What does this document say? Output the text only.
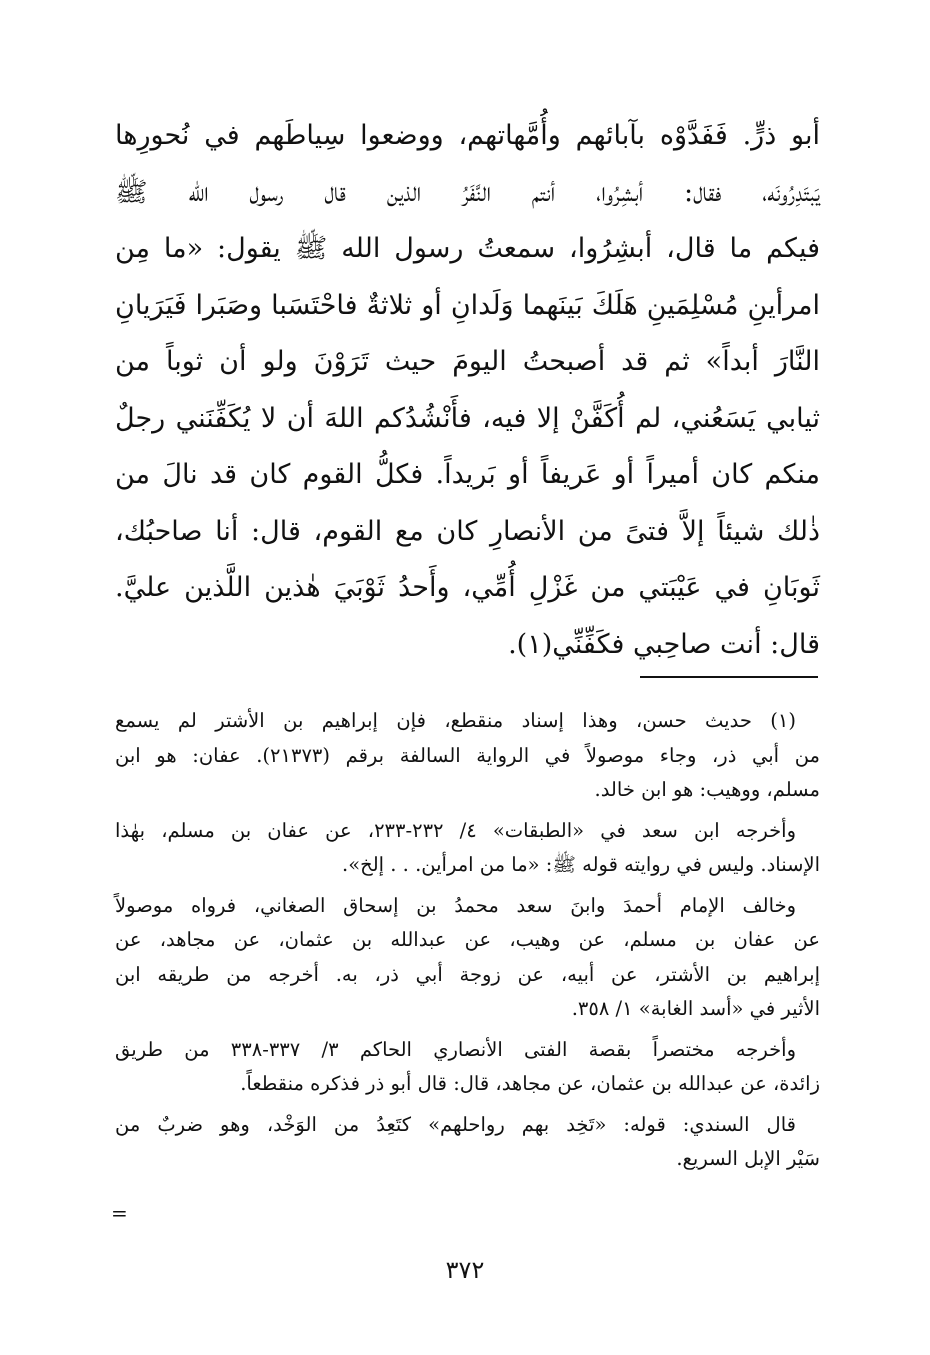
أبو ذرٍّ. فَفَدَّوْه بآبائهم وأُمَّهاتهم، ووضعوا سِياطَهم في نُحورِها
يَبتَدِرُونَه، فقال: أبشِرُوا، أنتم النَّفَرُ الذين قال رسول الله ﷺ
فيكم ما قال، أبشِرُوا، سمعتُ رسول الله ﷺ يقول: «ما مِن
امرأينِ مُسْلِمَينِ هَلَكَ بَينَهما وَلَدانِ أو ثلاثةٌ فاحْتَسَبا وصَبَرا فَيَرَيانِ
النَّارَ أبداً» ثم قد أصبحتُ اليومَ حيث تَرَوْنَ ولو أن ثوباً من
ثيابي يَسَعُني، لم أُكَفَّنْ إلا فيه، فأَنْشُدُكم اللهَ أن لا يُكَفِّنَني رجلٌ
منكم كان أميراً أو عَريفاً أو بَريداً. فكلُّ القوم كان قد نالَ من
ذٰلك شيئاً إلاَّ فتىً من الأنصارِ كان مع القوم، قال: أنا صاحبُك،
ثَوبَانِ في عَيْبَتي من غَزْلِ أُمِّي، وأَحدُ ثَوْبَيَ هٰذين اللَّذين عليَّ.
قال: أنت صاحِبي فكَفِّنِّي(١).
(١) حديث حسن، وهذا إسناد منقطع، فإن إبراهيم بن الأشتر لم يسمع
من أبي ذر، وجاء موصولاً في الرواية السالفة برقم (٢١٣٧٣). عفان: هو ابن
مسلم، ووهيب: هو ابن خالد.
وأخرجه ابن سعد في «الطبقات» ٤/ ٢٣٢-٢٣٣، عن عفان بن مسلم، بهٰذا
الإسناد. وليس في روايته قوله ﷺ: «ما من امرأين. . . إلخ».
وخالف الإمام أحمدَ وابنَ سعد محمدُ بن إسحاق الصغاني، فرواه موصولاً
عن عفان بن مسلم، عن وهيب، عن عبدالله بن عثمان، عن مجاهد، عن
إبراهيم بن الأشتر، عن أبيه، عن زوجة أبي ذر، به. أخرجه من طريقه ابن
الأثير في «أسد الغابة» ١/ ٣٥٨.
وأخرجه مختصراً بقصة الفتى الأنصاري الحاكم ٣/ ٣٣٧-٣٣٨ من طريق
زائدة، عن عبدالله بن عثمان، عن مجاهد، قال: قال أبو ذر فذكره منقطعاً.
قال السندي: قوله: «تَخِد بهم رواحلهم» كتَعِدُ من الوَخْد، وهو ضربٌ من
سَيْر الإبل السريع.
=
٣٧٢
